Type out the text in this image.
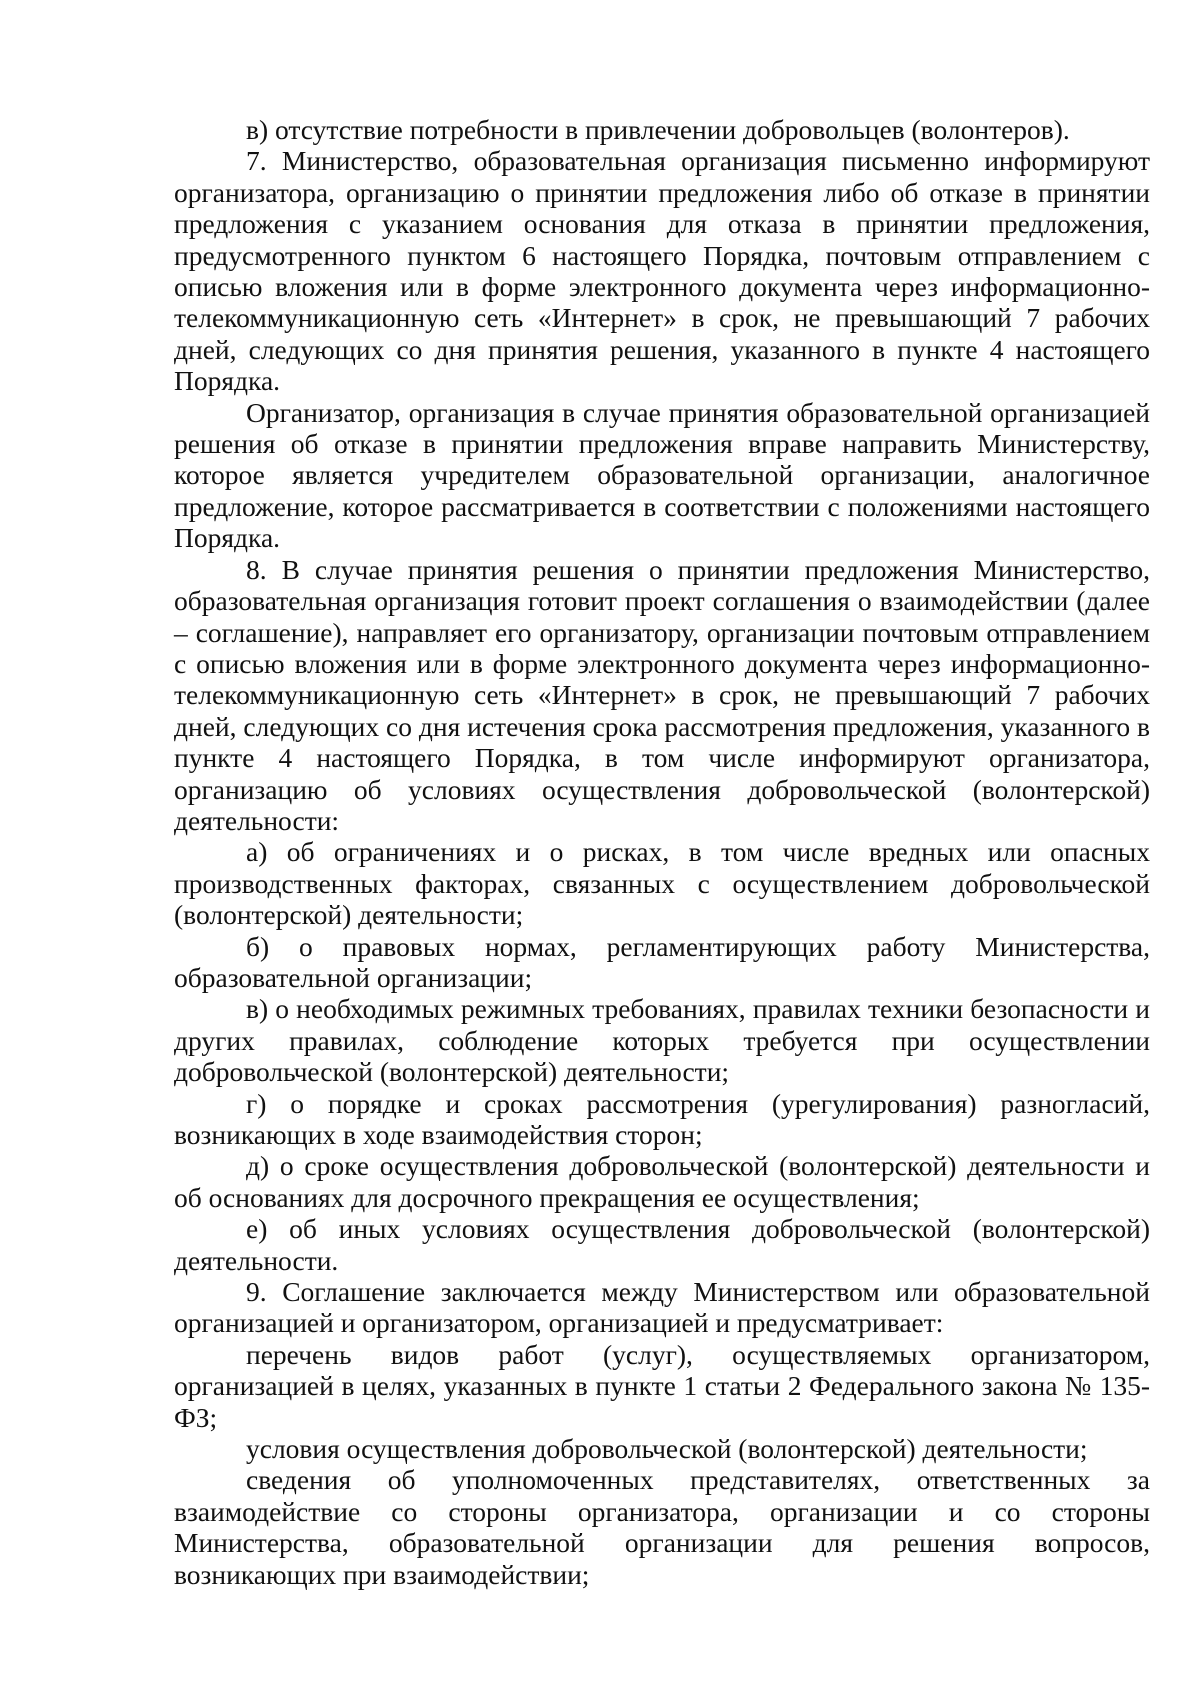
в) отсутствие потребности в привлечении добровольцев (волонтеров).

7. Министерство, образовательная организация письменно информируют организатора, организацию о принятии предложения либо об отказе в принятии предложения с указанием основания для отказа в принятии предложения, предусмотренного пунктом 6 настоящего Порядка, почтовым отправлением с описью вложения или в форме электронного документа через информационно-телекоммуникационную сеть «Интернет» в срок, не превышающий 7 рабочих дней, следующих со дня принятия решения, указанного в пункте 4 настоящего Порядка.

Организатор, организация в случае принятия образовательной организацией решения об отказе в принятии предложения вправе направить Министерству, которое является учредителем образовательной организации, аналогичное предложение, которое рассматривается в соответствии с положениями настоящего Порядка.

8. В случае принятия решения о принятии предложения Министерство, образовательная организация готовит проект соглашения о взаимодействии (далее – соглашение), направляет его организатору, организации почтовым отправлением с описью вложения или в форме электронного документа через информационно-телекоммуникационную сеть «Интернет» в срок, не превышающий 7 рабочих дней, следующих со дня истечения срока рассмотрения предложения, указанного в пункте 4 настоящего Порядка, в том числе информируют организатора, организацию об условиях осуществления добровольческой (волонтерской) деятельности:

а) об ограничениях и о рисках, в том числе вредных или опасных производственных факторах, связанных с осуществлением добровольческой (волонтерской) деятельности;

б) о правовых нормах, регламентирующих работу Министерства, образовательной организации;

в) о необходимых режимных требованиях, правилах техники безопасности и других правилах, соблюдение которых требуется при осуществлении добровольческой (волонтерской) деятельности;

г) о порядке и сроках рассмотрения (урегулирования) разногласий, возникающих в ходе взаимодействия сторон;

д) о сроке осуществления добровольческой (волонтерской) деятельности и об основаниях для досрочного прекращения ее осуществления;

е) об иных условиях осуществления добровольческой (волонтерской) деятельности.

9. Соглашение заключается между Министерством или образовательной организацией и организатором, организацией и предусматривает:

перечень видов работ (услуг), осуществляемых организатором, организацией в целях, указанных в пункте 1 статьи 2 Федерального закона № 135-ФЗ;

условия осуществления добровольческой (волонтерской) деятельности;

сведения об уполномоченных представителях, ответственных за взаимодействие со стороны организатора, организации и со стороны Министерства, образовательной организации для решения вопросов, возникающих при взаимодействии;
